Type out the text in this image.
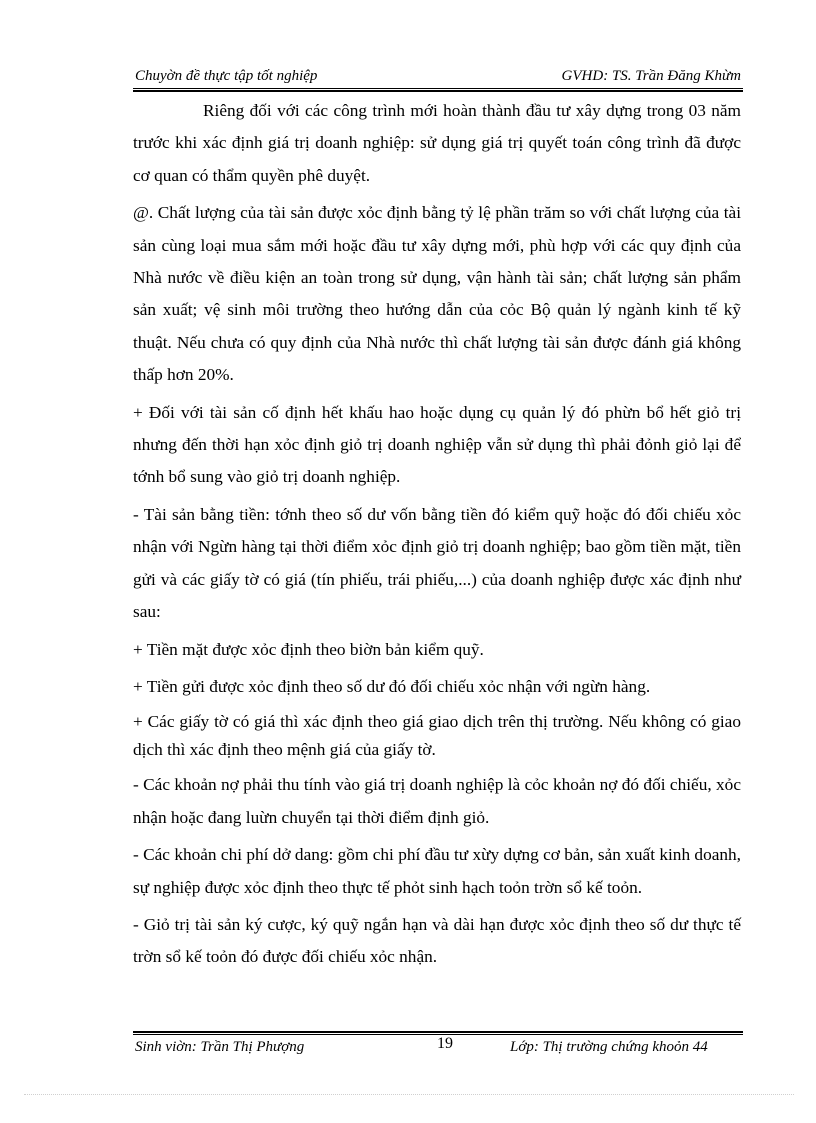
Chuyờn đề thực tập tốt nghiệp	GVHD: TS. Trần Đăng Khừm

Riêng đối với các công trình mới hoàn thành đầu tư xây dựng trong 03 năm trước khi xác định giá trị doanh nghiệp: sử dụng giá trị quyết toán công trình đã được cơ quan có thẩm quyền phê duyệt.

@. Chất lượng của tài sản được xỏc định bằng tỷ lệ phần trăm so với chất lượng của tài sản cùng loại mua sắm mới hoặc đầu tư xây dựng mới, phù hợp với các quy định của Nhà nước về điều kiện an toàn trong sử dụng, vận hành tài sản; chất lượng sản phẩm sản xuất; vệ sinh môi trường theo hướng dẫn của cỏc Bộ quản lý ngành kinh tế kỹ thuật. Nếu chưa có quy định của Nhà nước thì chất lượng tài sản được đánh giá không thấp hơn 20%.

+ Đối với tài sản cố định hết khấu hao hoặc dụng cụ quản lý đó phừn bổ hết giỏ trị nhưng đến thời hạn xỏc định giỏ trị doanh nghiệp vẫn sử dụng thì phải đỏnh giỏ lại để tớnh bổ sung vào giỏ trị doanh nghiệp.

- Tài sản bằng tiền: tớnh theo số dư vốn bằng tiền đó kiểm quỹ hoặc đó đối chiếu xỏc nhận với Ngừn hàng tại thời điểm xỏc định giỏ trị doanh nghiệp; bao gồm tiền mặt, tiền gửi và các giấy tờ có giá (tín phiếu, trái phiếu,...) của doanh nghiệp được xác định như sau:

+ Tiền mặt được xỏc định theo biờn bản kiểm quỹ.

+ Tiền gửi được xỏc định theo số dư đó đối chiếu xỏc nhận với ngừn hàng.

+ Các giấy tờ có giá thì xác định theo giá giao dịch trên thị trường. Nếu không có giao dịch thì xác định theo mệnh giá của giấy tờ.

- Các khoản nợ phải thu tính vào giá trị doanh nghiệp là cỏc khoản nợ đó đối chiếu, xỏc nhận hoặc đang luừn chuyển tại thời điểm định giỏ.

- Các khoản chi phí dở dang: gồm chi phí đầu tư xừy dựng cơ bản, sản xuất kinh doanh, sự nghiệp được xỏc định theo thực tế phỏt sinh hạch toỏn trờn sổ kế toỏn.

- Giỏ trị tài sản ký cược, ký quỹ ngắn hạn và dài hạn được xỏc định theo số dư thực tế trờn sổ kế toỏn đó được đối chiếu xỏc nhận.

Sinh viờn: Trần Thị Phượng	19	Lớp: Thị trường chứng khoỏn 44
